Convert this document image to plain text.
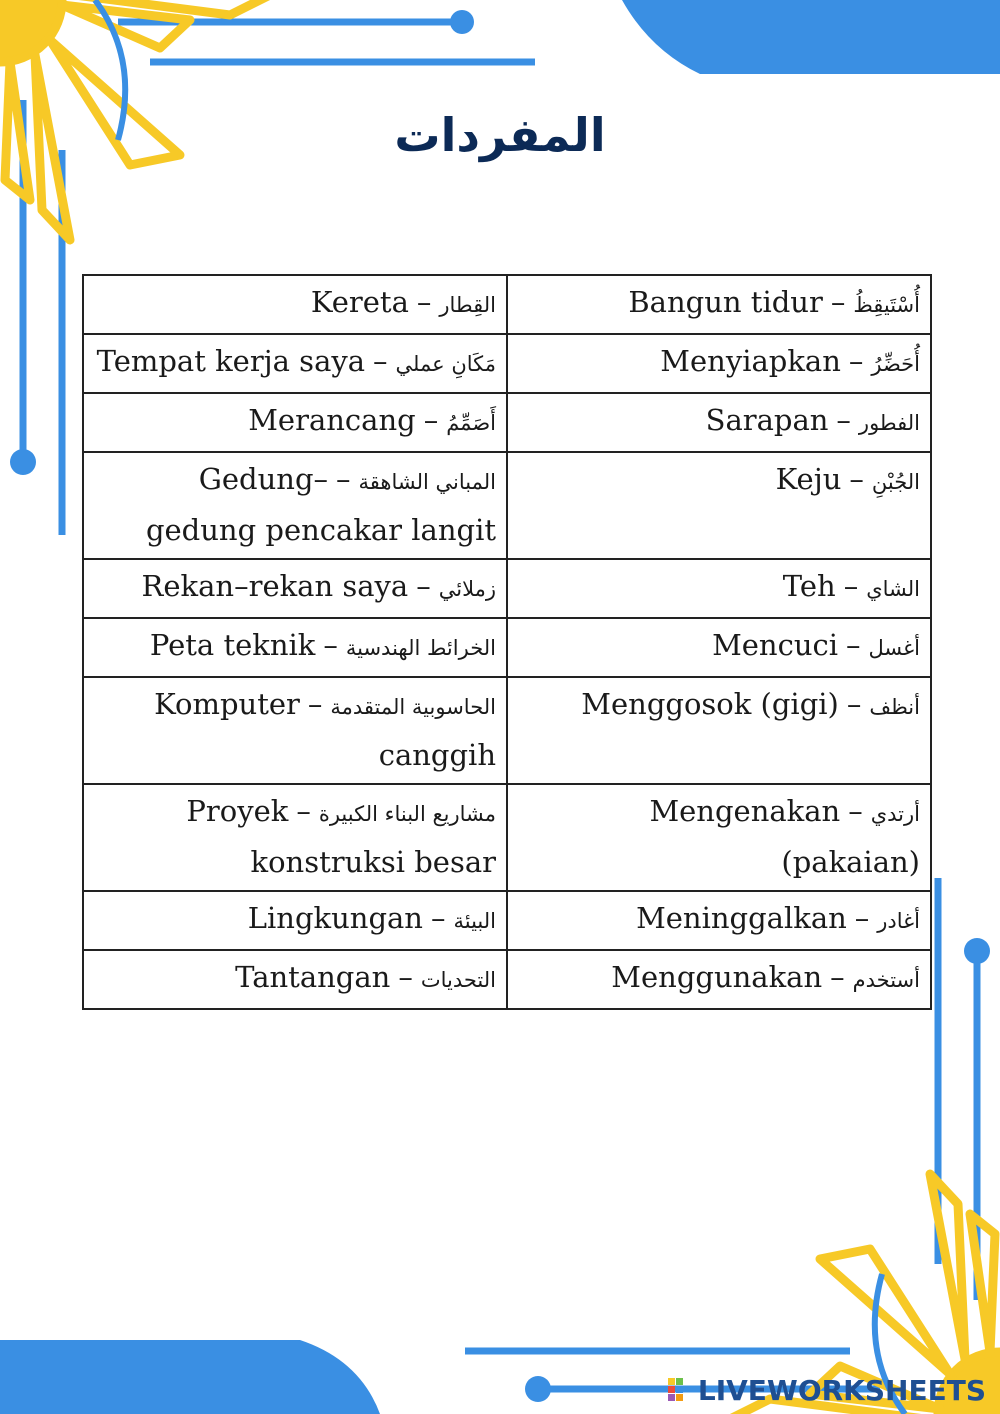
المفردات
القِطار–Kereta	أُسْتَيقِظُ–Bangun tidur
مَكَانِ عملي–Tempat kerja saya	أُحَضِّرُ–Menyiapkan
أَصَمِّمُ–Merancang	الفطور–Sarapan
المباني الشاهقة–Gedung–gedung pencakar langit	الجُبْنِ–Keju
زملائي–Rekan–rekan saya	الشاي–Teh
الخرائط الهندسية–Peta teknik	أغسل–Mencuci
الحاسوبية المتقدمة–Komputer canggih	أنظف–Menggosok (gigi)
مشاريع البناء الكبيرة–Proyek konstruksi besar	أرتدي–Mengenakan (pakaian)
البيئة–Lingkungan	أغادر–Meninggalkan
التحديات–Tantangan	أستخدم–Menggunakan
LIVEWORKSHEETS
